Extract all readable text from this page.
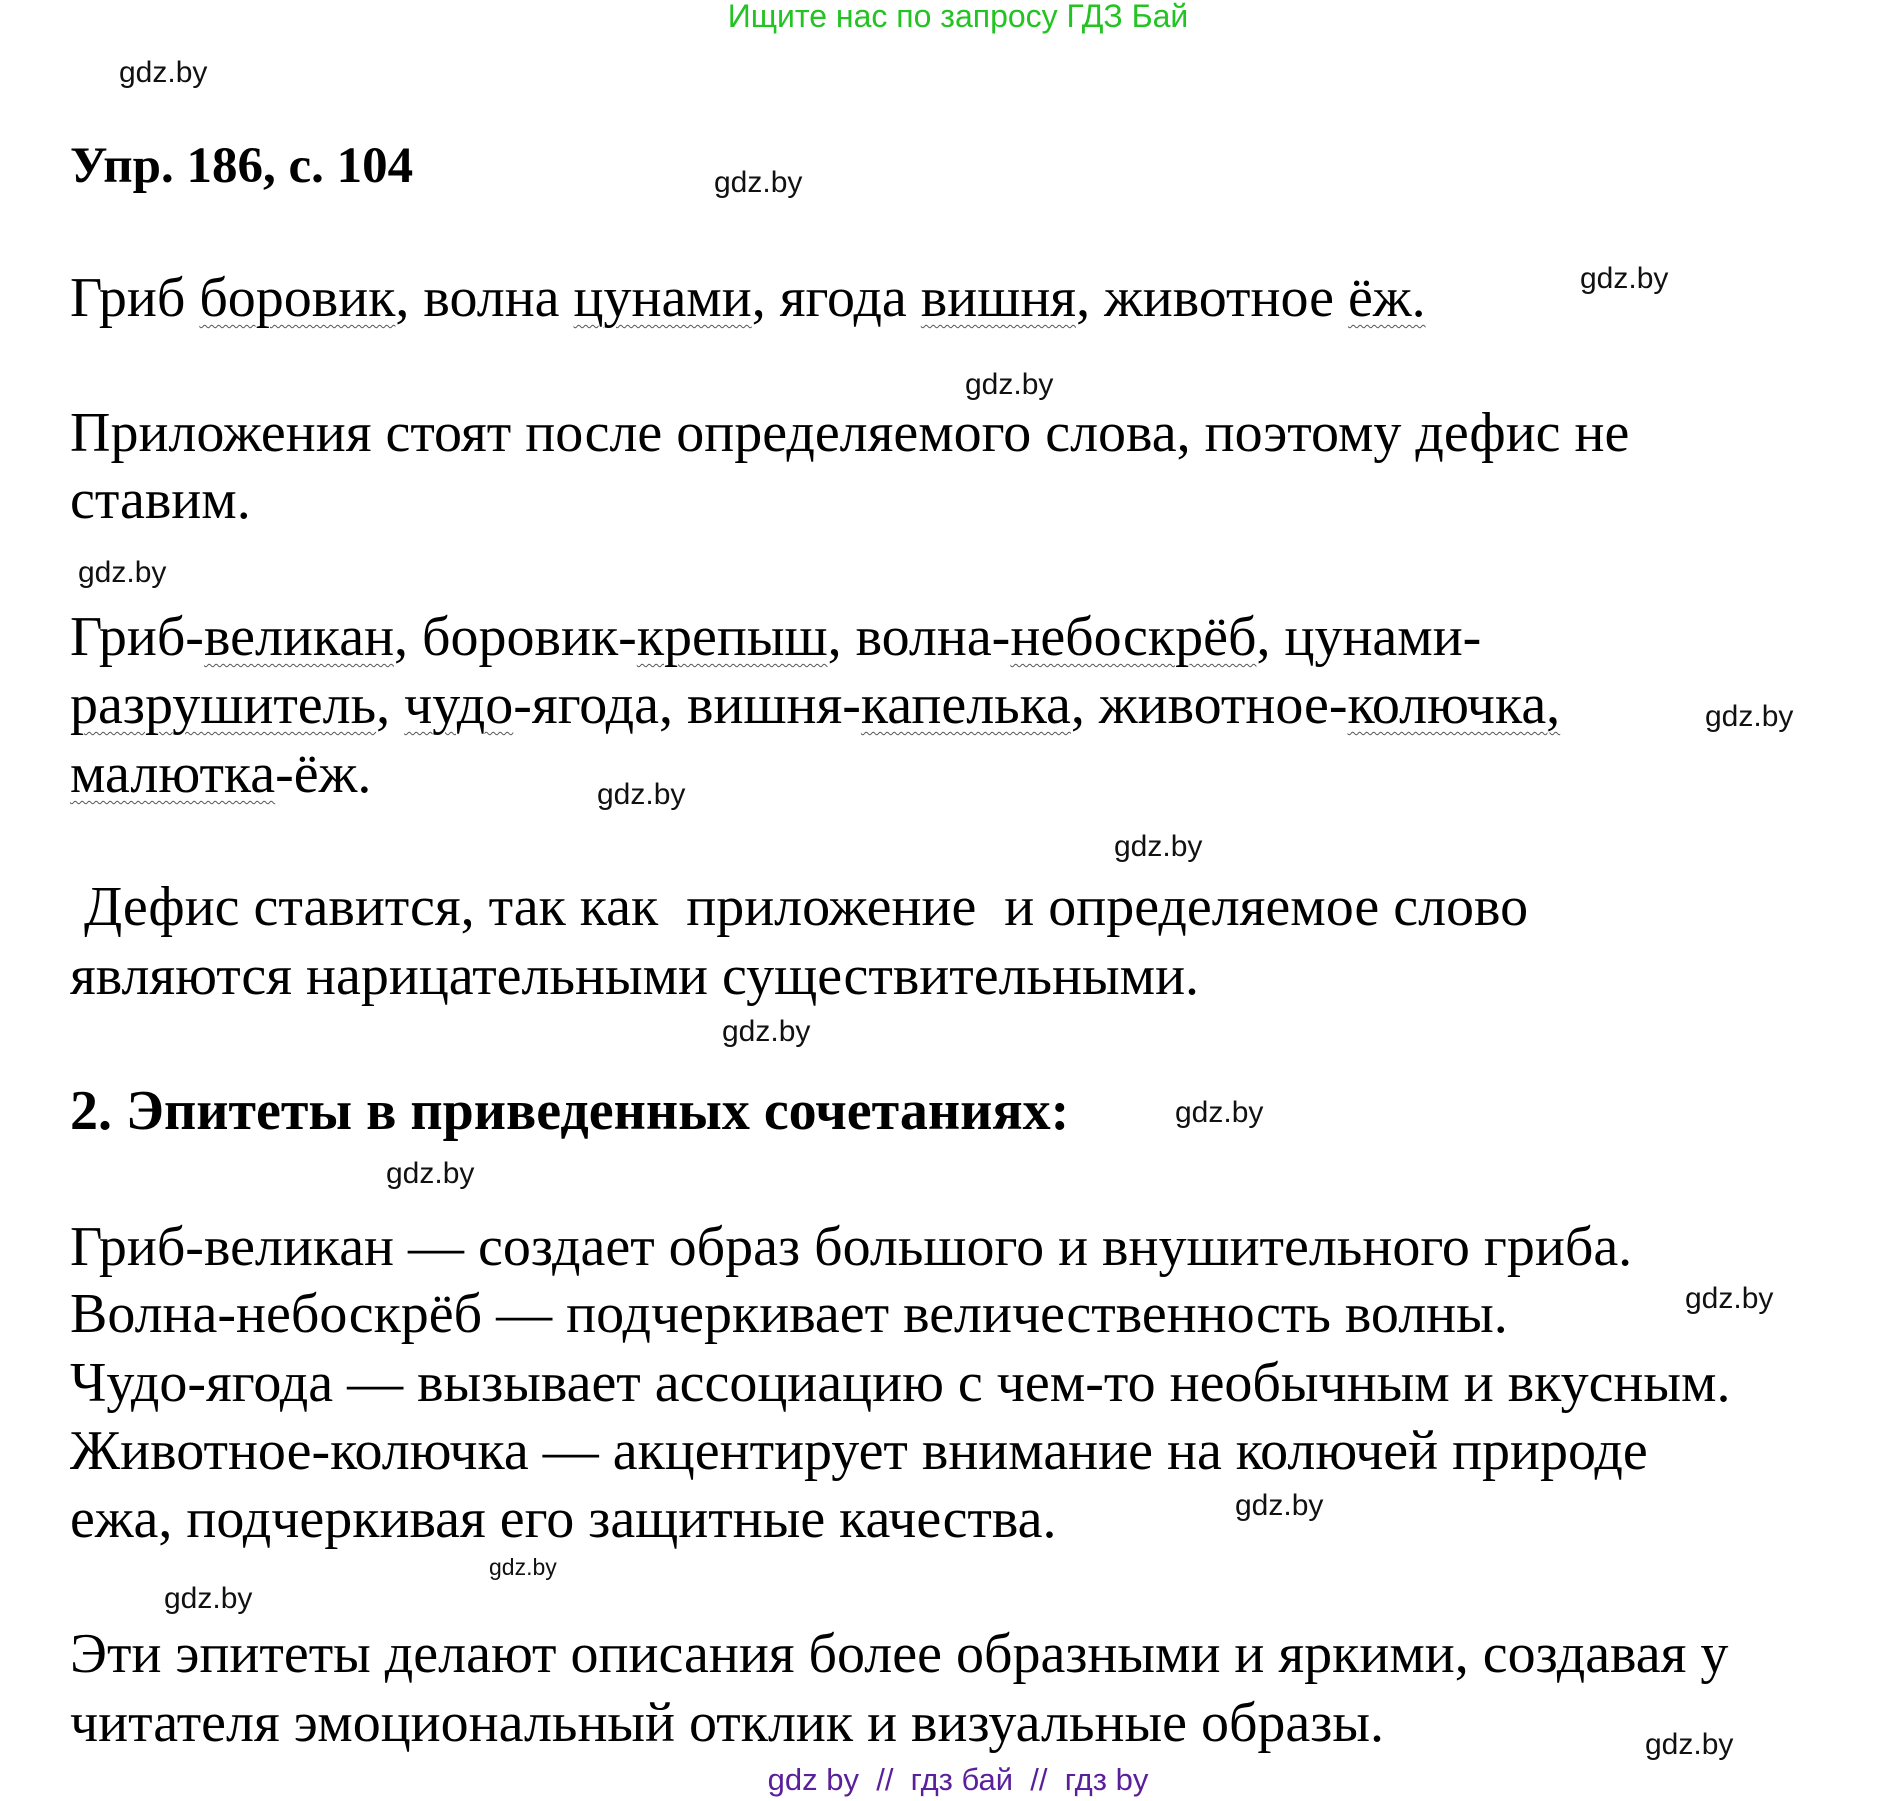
Ищите нас по запросу ГДЗ Бай
Упр. 186, с. 104
2. Эпитеты в приведенных сочетаниях:
gdz by  //  гдз бай  //  гдз by
Гриб боровик, волна цунами, ягода вишня, животное ёж.
Приложения стоят после определяемого слова, поэтому дефис не
ставим.
Гриб-великан, боровик-крепыш, волна-небоскрёб, цунами-
разрушитель, чудо-ягода, вишня-капелька, животное-колючка,
малютка-ёж.
Дефис ставится, так как  приложение  и определяемое слово
являются нарицательными существительными.
Гриб-великан — создает образ большого и внушительного гриба.
Волна-небоскрёб — подчеркивает величественность волны.
Чудо-ягода — вызывает ассоциацию с чем-то необычным и вкусным.
Животное-колючка — акцентирует внимание на колючей природе
ежа, подчеркивая его защитные качества.
Эти эпитеты делают описания более образными и яркими, создавая у
читателя эмоциональный отклик и визуальные образы.
gdz.by
gdz.by
gdz.by
gdz.by
gdz.by
gdz.by
gdz.by
gdz.by
gdz.by
gdz.by
gdz.by
gdz.by
gdz.by
gdz.by
gdz.by
gdz.by
